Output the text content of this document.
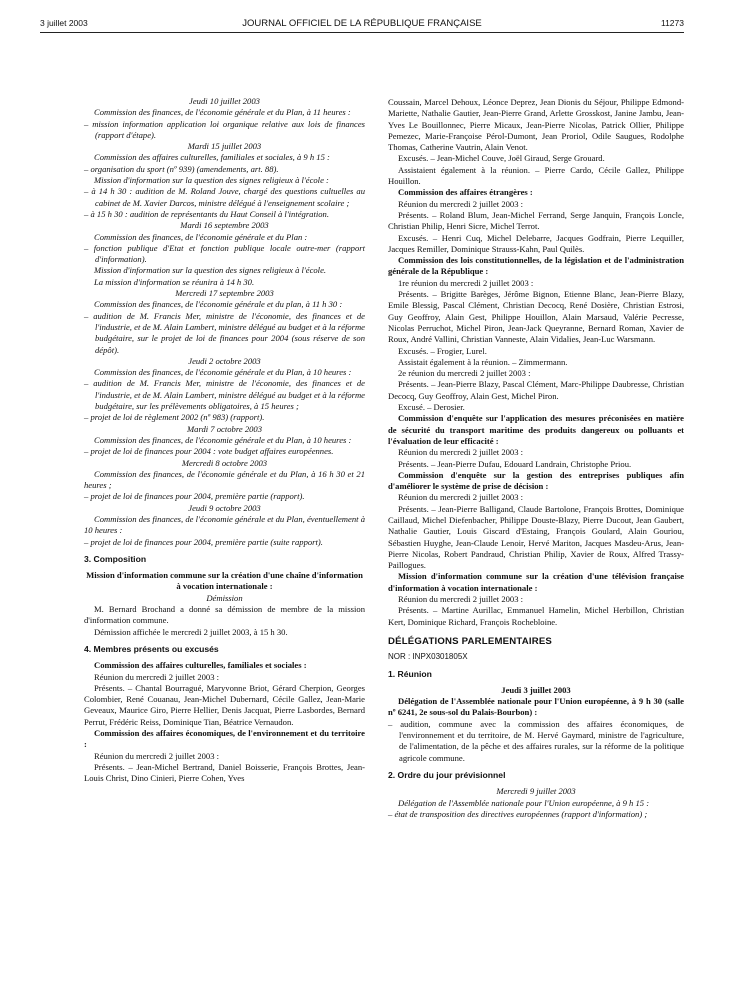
3 juillet 2003	JOURNAL OFFICIEL DE LA RÉPUBLIQUE FRANÇAISE	11273

Jeudi 10 juillet 2003

Commission des finances, de l'économie générale et du Plan, à 11 heures :

– mission information application loi organique relative aux lois de finances (rapport d'étape).

Mardi 15 juillet 2003

Commission des affaires culturelles, familiales et sociales, à 9 h 15 :

– organisation du sport (nº 939) (amendements, art. 88).

Mission d'information sur la question des signes religieux à l'école :

– à 14 h 30 : audition de M. Roland Jouve, chargé des questions cultuelles au cabinet de M. Xavier Darcos, ministre délégué à l'enseignement scolaire ;

– à 15 h 30 : audition de représentants du Haut Conseil à l'intégration.

Mardi 16 septembre 2003

Commission des finances, de l'économie générale et du Plan :

– fonction publique d'Etat et fonction publique locale outre-mer (rapport d'information).

Mission d'information sur la question des signes religieux à l'école.

La mission d'information se réunira à 14 h 30.

Mercredi 17 septembre 2003

Commission des finances, de l'économie générale et du plan, à 11 h 30 :

– audition de M. Francis Mer, ministre de l'économie, des finances et de l'industrie, et de M. Alain Lambert, ministre délégué au budget et à la réforme budgétaire, sur le projet de loi de finances pour 2004 (sous réserve de son dépôt).

Jeudi 2 octobre 2003

Commission des finances, de l'économie générale et du Plan, à 10 heures :

– audition de M. Francis Mer, ministre de l'économie, des finances et de l'industrie, et de M. Alain Lambert, ministre délégué au budget et à la réforme budgétaire, sur les prélèvements obligatoires, à 15 heures ;

– projet de loi de règlement 2002 (nº 983) (rapport).

Mardi 7 octobre 2003

Commission des finances, de l'économie générale et du Plan, à 10 heures :

– projet de loi de finances pour 2004 : vote budget affaires européennes.

Mercredi 8 octobre 2003

Commission des finances, de l'économie générale et du Plan, à 16 h 30 et 21 heures ;

– projet de loi de finances pour 2004, première partie (rapport).

Jeudi 9 octobre 2003

Commission des finances, de l'économie générale et du Plan, éventuellement à 10 heures :

– projet de loi de finances pour 2004, première partie (suite rapport).

3. Composition

Mission d'information commune sur la création d'une chaîne d'information à vocation internationale :

Démission

M. Bernard Brochand a donné sa démission de membre de la mission d'information commune.

Démission affichée le mercredi 2 juillet 2003, à 15 h 30.

4. Membres présents ou excusés

Commission des affaires culturelles, familiales et sociales :

Réunion du mercredi 2 juillet 2003 :

Présents. – Chantal Bourragué, Maryvonne Briot, Gérard Cherpion, Georges Colombier, René Couanau, Jean-Michel Dubernard, Cécile Gallez, Jean-Marie Geveaux, Maurice Giro, Pierre Hellier, Denis Jacquat, Pierre Lasbordes, Bernard Perrut, Frédéric Reiss, Dominique Tian, Béatrice Vernaudon.

Commission des affaires économiques, de l'environnement et du territoire :

Réunion du mercredi 2 juillet 2003 :

Présents. – Jean-Michel Bertrand, Daniel Boisserie, François Brottes, Jean-Louis Christ, Dino Cinieri, Pierre Cohen, Yves

Coussain, Marcel Dehoux, Léonce Deprez, Jean Dionis du Séjour, Philippe Edmond-Mariette, Nathalie Gautier, Jean-Pierre Grand, Arlette Grosskost, Janine Jambu, Jean-Yves Le Bouillonnec, Pierre Micaux, Jean-Pierre Nicolas, Patrick Ollier, Philippe Pemezec, Marie-Françoise Pérol-Dumont, Jean Proriol, Odile Saugues, Rodolphe Thomas, Catherine Vautrin, Alain Venot.

Excusés. – Jean-Michel Couve, Joël Giraud, Serge Grouard.

Assistaient également à la réunion. – Pierre Cardo, Cécile Gallez, Philippe Houillon.

Commission des affaires étrangères :

Réunion du mercredi 2 juillet 2003 :

Présents. – Roland Blum, Jean-Michel Ferrand, Serge Janquin, François Loncle, Christian Philip, Henri Sicre, Michel Terrot.

Excusés. – Henri Cuq, Michel Delebarre, Jacques Godfrain, Pierre Lequiller, Jacques Remiller, Dominique Strauss-Kahn, Paul Quilès.

Commission des lois constitutionnelles, de la législation et de l'administration générale de la République :

1re réunion du mercredi 2 juillet 2003 :

Présents. – Brigitte Barèges, Jérôme Bignon, Etienne Blanc, Jean-Pierre Blazy, Emile Blessig, Pascal Clément, Christian Decocq, René Dosière, Christian Estrosi, Guy Geoffroy, Alain Gest, Philippe Houillon, Alain Marsaud, Valérie Pecresse, Nicolas Perruchot, Michel Piron, Jean-Jack Queyranne, Bernard Roman, Xavier de Roux, André Vallini, Christian Vanneste, Alain Vidalies, Jean-Luc Warsmann.

Excusés. – Frogier, Lurel.

Assistait également à la réunion. – Zimmermann.

2e réunion du mercredi 2 juillet 2003 :

Présents. – Jean-Pierre Blazy, Pascal Clément, Marc-Philippe Daubresse, Christian Decocq, Guy Geoffroy, Alain Gest, Michel Piron.

Excusé. – Derosier.

Commission d'enquête sur l'application des mesures préconisées en matière de sécurité du transport maritime des produits dangereux ou polluants et l'évaluation de leur efficacité :

Réunion du mercredi 2 juillet 2003 :

Présents. – Jean-Pierre Dufau, Edouard Landrain, Christophe Priou.

Commission d'enquête sur la gestion des entreprises publiques afin d'améliorer le système de prise de décision :

Réunion du mercredi 2 juillet 2003 :

Présents. – Jean-Pierre Balligand, Claude Bartolone, François Brottes, Dominique Caillaud, Michel Diefenbacher, Philippe Douste-Blazy, Pierre Ducout, Jean Gaubert, Nathalie Gautier, Louis Giscard d'Estaing, François Goulard, Alain Gouriou, Sébastien Huyghe, Jean-Claude Lenoir, Hervé Mariton, Jacques Masdeu-Arus, Jean-Pierre Nicolas, Robert Pandraud, Christian Philip, Xavier de Roux, Alfred Trassy-Paillogues.

Mission d'information commune sur la création d'une télévision française d'information à vocation internationale :

Réunion du mercredi 2 juillet 2003 :

Présents. – Martine Aurillac, Emmanuel Hamelin, Michel Herbillon, Christian Kert, Dominique Richard, François Rochebloine.

DÉLÉGATIONS PARLEMENTAIRES

NOR : INPX0301805X

1. Réunion

Jeudi 3 juillet 2003

Délégation de l'Assemblée nationale pour l'Union européenne, à 9 h 30 (salle nº 6241, 2e sous-sol du Palais-Bourbon) :

– audition, commune avec la commission des affaires économiques, de l'environnement et du territoire, de M. Hervé Gaymard, ministre de l'agriculture, de l'alimentation, de la pêche et des affaires rurales, sur la réforme de la politique agricole commune.

2. Ordre du jour prévisionnel

Mercredi 9 juillet 2003

Délégation de l'Assemblée nationale pour l'Union européenne, à 9 h 15 :

– état de transposition des directives européennes (rapport d'information) ;
